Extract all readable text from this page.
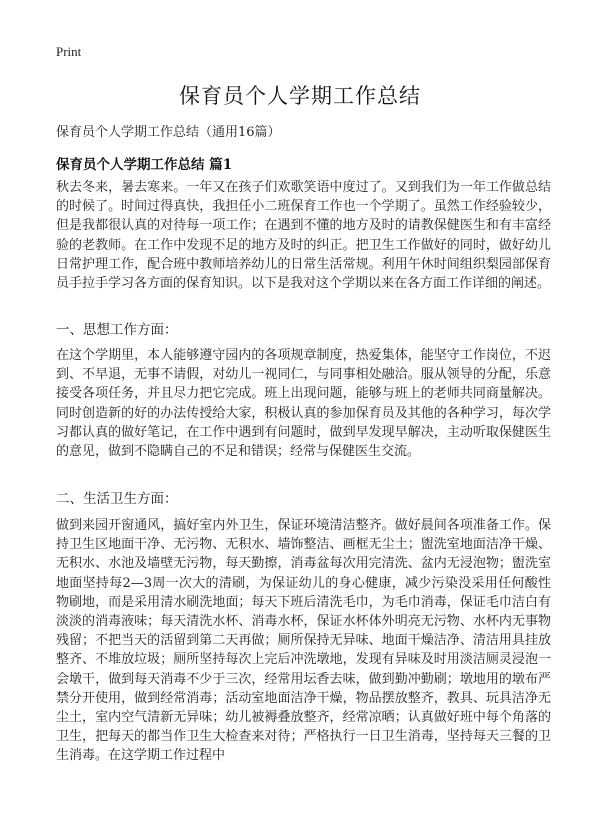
Print
保育员个人学期工作总结
保育员个人学期工作总结（通用16篇）
保育员个人学期工作总结 篇1
秋去冬来，暑去寒来。一年又在孩子们欢歌笑语中度过了。又到我们为一年工作做总结的时候了。时间过得真快，我担任小二班保育工作也一个学期了。虽然工作经验较少，但是我都很认真的对待每一项工作；在遇到不懂的地方及时的请教保健医生和有丰富经验的老教师。在工作中发现不足的地方及时的纠正。把卫生工作做好的同时，做好幼儿日常护理工作，配合班中教师培养幼儿的日常生活常规。利用午休时间组织梨园部保育员手拉手学习各方面的保育知识。以下是我对这个学期以来在各方面工作详细的阐述。
一、思想工作方面：
在这个学期里，本人能够遵守园内的各项规章制度，热爱集体，能坚守工作岗位，不迟到、不早退，无事不请假，对幼儿一视同仁，与同事相处融洽。服从领导的分配，乐意接受各项任务，并且尽力把它完成。班上出现问题，能够与班上的老师共同商量解决。同时创造新的好的办法传授给大家，积极认真的参加保育员及其他的各种学习，每次学习都认真的做好笔记，在工作中遇到有问题时，做到早发现早解决，主动听取保健医生的意见，做到不隐瞒自己的不足和错误；经常与保健医生交流。
二、生活卫生方面：
做到来园开窗通风，搞好室内外卫生，保证环境清洁整齐。做好晨间各项准备工作。保持卫生区地面干净、无污物、无积水、墙饰整洁、画框无尘土；盥洗室地面洁净干燥、无积水、水池及墙壁无污物，每天勤擦，消毒盆每次用完清洗、盆内无浸泡物；盥洗室地面坚持每2—3周一次大的清刷，为保证幼儿的身心健康，减少污染没采用任何酸性物刷地，而是采用清水刷洗地面；每天下班后清洗毛巾，为毛巾消毒，保证毛巾洁白有淡淡的消毒液味；每天清洗水杯、消毒水杯，保证水杯体外明亮无污物、水杯内无事物残留；不把当天的活留到第二天再做；厕所保持无异味、地面干燥洁净、清洁用具挂放整齐、不堆放垃圾；厕所坚持每次上完后冲洗墩地，发现有异味及时用淡洁厕灵浸泡一会墩干，做到每天消毒不少于三次，经常用坛香去味，做到勤冲勤刷；墩地用的墩布严禁分开使用，做到经常消毒；活动室地面洁净干燥，物品摆放整齐，教具、玩具洁净无尘土，室内空气清新无异味；幼儿被褥叠放整齐，经常凉晒；认真做好班中每个角落的卫生，把每天的都当作卫生大检查来对待；严格执行一日卫生消毒，坚持每天三餐的卫生消毒。在这学期工作过程中
